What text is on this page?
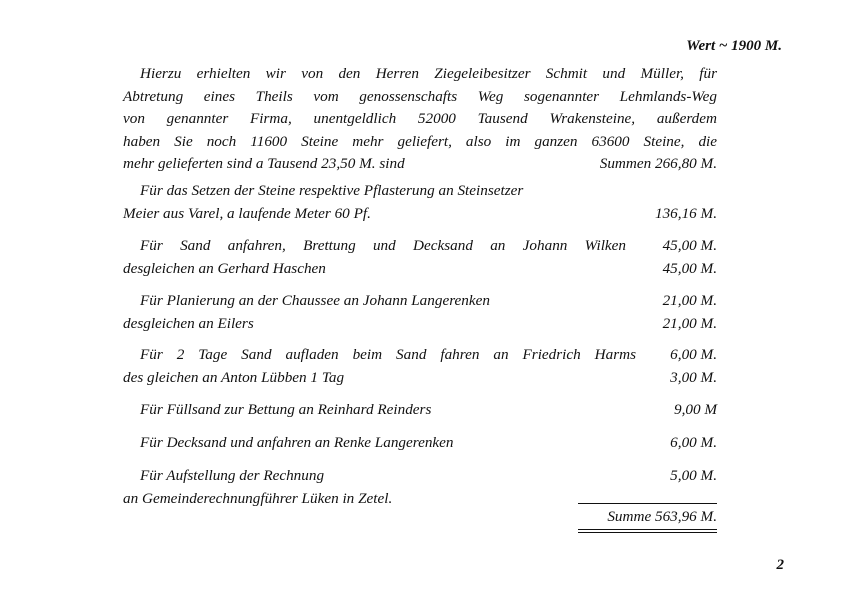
Wert ~ 1900 M.
Hierzu erhielten wir von den Herren Ziegeleibesitzer Schmit und Müller, für
Abtretung eines Theils vom genossenschafts Weg sogenannter Lehmlands-Weg
von genannter Firma, unentgeldlich 52000 Tausend Wrakensteine, außerdem
haben Sie noch 11600 Steine mehr geliefert, also im ganzen 63600 Steine, die
mehr gelieferten sind a Tausend 23,50 M. sind	Summen 266,80 M.
Für das Setzen der Steine respektive Pflasterung an Steinsetzer
Meier aus Varel, a laufende Meter 60 Pf.	136,16 M.
Für Sand anfahren, Brettung und Decksand an Johann Wilken 45,00 M.
desgleichen an Gerhard Haschen	45,00 M.
Für Planierung an der Chaussee an Johann Langerenken	21,00 M.
desgleichen an Eilers	21,00 M.
Für 2 Tage Sand aufladen beim Sand fahren an Friedrich Harms 6,00 M.
des gleichen an Anton Lübben 1 Tag	3,00 M.
Für Füllsand zur Bettung an Reinhard Reinders	9,00 M
Für Decksand und anfahren an Renke Langerenken	6,00 M.
Für Aufstellung der Rechnung	5,00 M.
an Gemeinderechnungführer Lüken in Zetel.
Summe 563,96 M.
2
